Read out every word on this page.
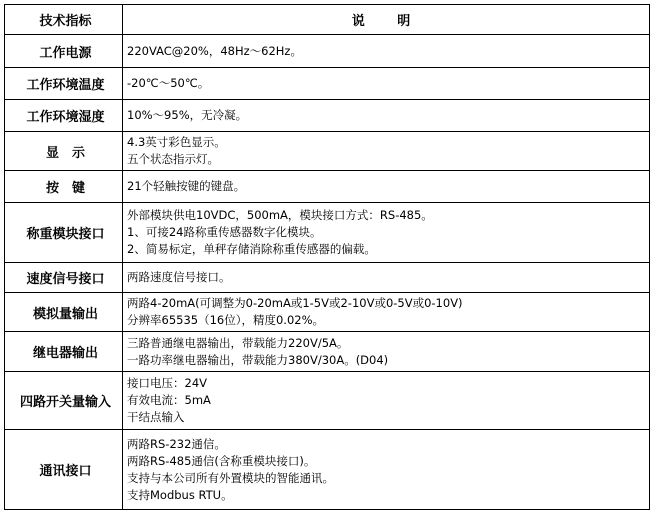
技术指标	说 明
工作电源	220VAC@20%，48Hz～62Hz。

工作环境温度	-20℃～50℃。

工作环境湿度	10%～95%，无冷凝。

显　示	4.3英寸彩色显示。
五个状态指示灯。

按　键	21个轻触按键的键盘。

称重模块接口	外部模块供电10VDC，500mA，模块接口方式：RS-485。
1、可接24路称重传感器数字化模块。
2、简易标定，单秤存储消除称重传感器的偏载。

速度信号接口	两路速度信号接口。

模拟量输出	两路4-20mA(可调整为0-20mA或1-5V或2-10V或0-5V或0-10V)
分辨率65535（16位），精度0.02%。

继电器输出	三路普通继电器输出，带载能力220V/5A。
一路功率继电器输出，带载能力380V/30A。(D04)

四路开关量输入	接口电压：24V
有效电流：5mA
干结点输入

通讯接口	两路RS-232通信。
两路RS-485通信(含称重模块接口)。
支持与本公司所有外置模块的智能通讯。
支持Modbus RTU。
